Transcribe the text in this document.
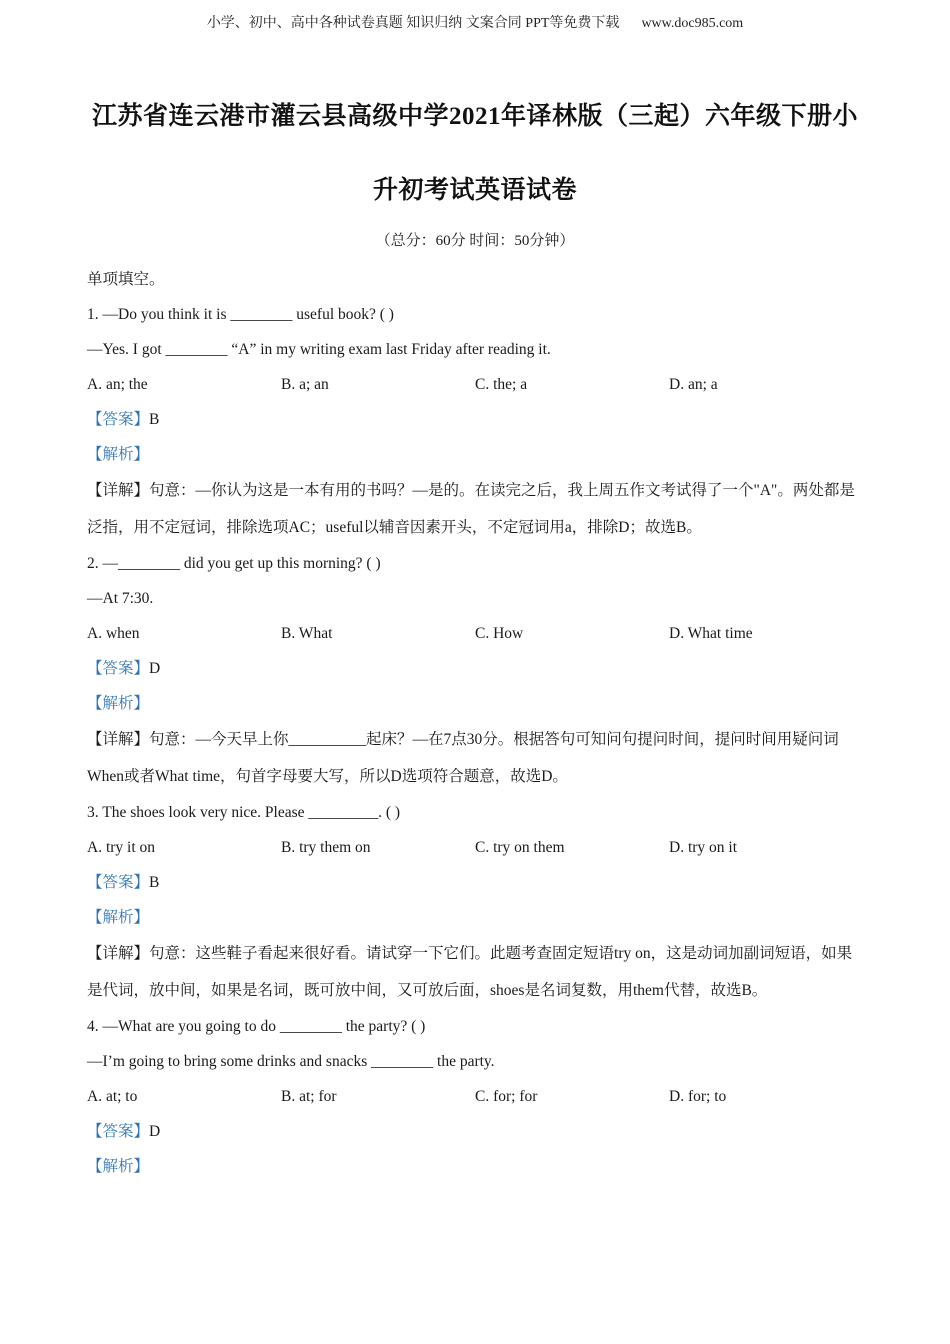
小学、初中、高中各种试卷真题 知识归纳 文案合同 PPT等免费下载 www.doc985.com
江苏省连云港市灌云县高级中学2021年译林版（三起）六年级下册小
升初考试英语试卷
（总分：60分 时间：50分钟）
单项填空。
1. —Do you think it is ________ useful book? ( )
—Yes. I got ________ “A” in my writing exam last Friday after reading it.
A. an; the	B. a; an	C. the; a	D. an; a
【答案】B
【解析】
【详解】句意：—你认为这是一本有用的书吗？—是的。在读完之后，我上周五作文考试得了一个"A"。两处都是泛指，用不定冠词，排除选项AC；useful以辅音因素开头，不定冠词用a，排除D；故选B。
2. —________ did you get up this morning? ( )
—At 7:30.
A. when	B. What	C. How	D. What time
【答案】D
【解析】
【详解】句意：—今天早上你__________起床？—在7点30分。根据答句可知问句提问时间，提问时间用疑问词When或者What time，句首字母要大写，所以D选项符合题意，故选D。
3. The shoes look very nice. Please _________. ( )
A. try it on	B. try them on	C. try on them	D. try on it
【答案】B
【解析】
【详解】句意：这些鞋子看起来很好看。请试穿一下它们。此题考查固定短语try on，这是动词加副词短语，如果是代词，放中间，如果是名词，既可放中间，又可放后面，shoes是名词复数，用them代替，故选B。
4. —What are you going to do ________ the party? ( )
—I’m going to bring some drinks and snacks ________ the party.
A. at; to	B. at; for	C. for; for	D. for; to
【答案】D
【解析】
